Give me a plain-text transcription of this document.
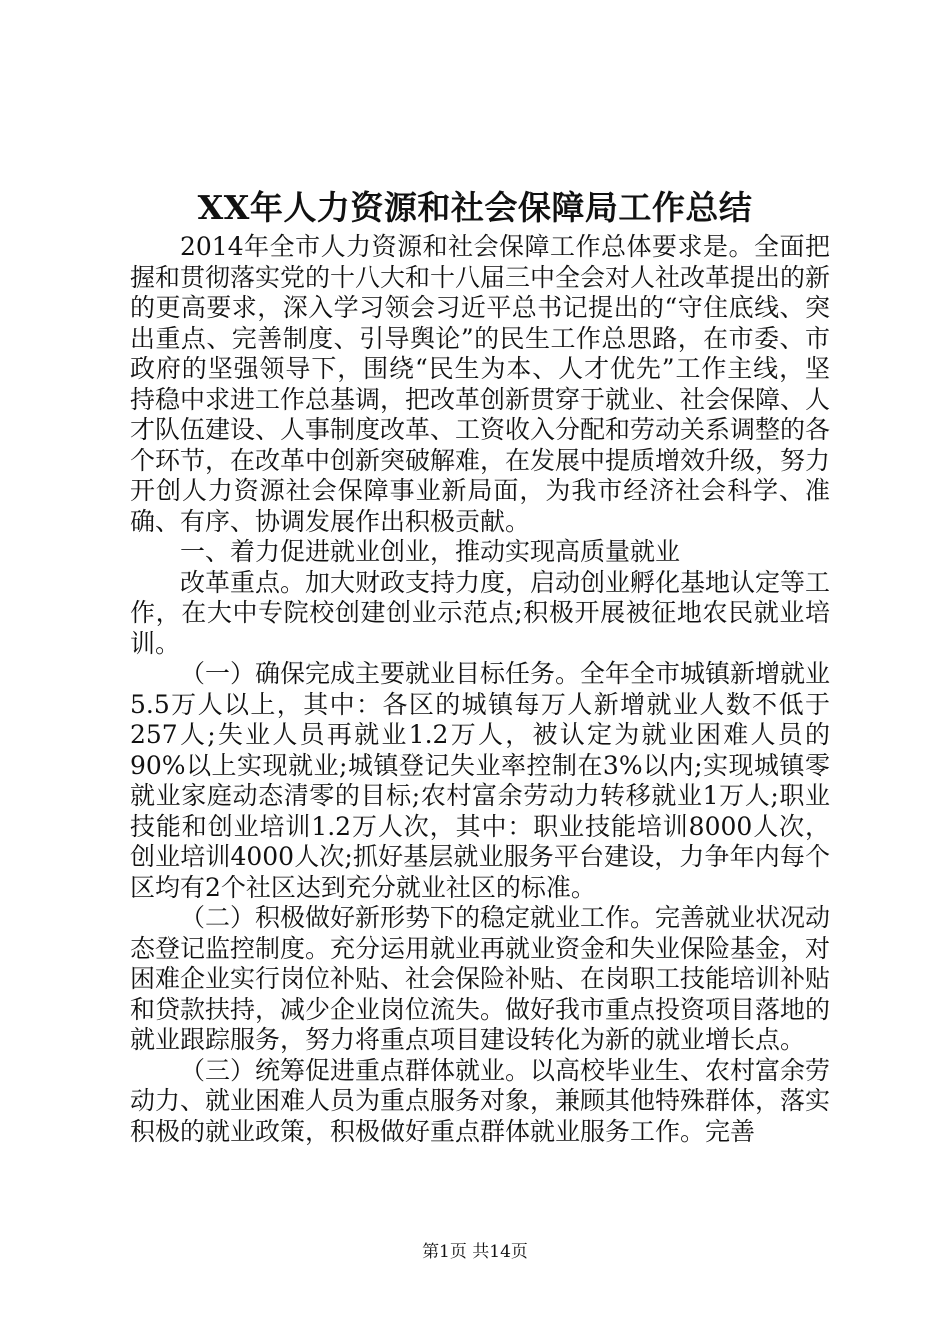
XX年人力资源和社会保障局工作总结

2014年全市人力资源和社会保障工作总体要求是。全面把握和贯彻落实党的十八大和十八届三中全会对人社改革提出的新的更高要求，深入学习领会习近平总书记提出的“守住底线、突出重点、完善制度、引导舆论”的民生工作总思路，在市委、市政府的坚强领导下，围绕“民生为本、人才优先”工作主线，坚持稳中求进工作总基调，把改革创新贯穿于就业、社会保障、人才队伍建设、人事制度改革、工资收入分配和劳动关系调整的各个环节，在改革中创新突破解难，在发展中提质增效升级，努力开创人力资源社会保障事业新局面，为我市经济社会科学、准确、有序、协调发展作出积极贡献。

一、着力促进就业创业，推动实现高质量就业

改革重点。加大财政支持力度，启动创业孵化基地认定等工作，在大中专院校创建创业示范点;积极开展被征地农民就业培训。

（一）确保完成主要就业目标任务。全年全市城镇新增就业5.5万人以上，其中：各区的城镇每万人新增就业人数不低于257人;失业人员再就业1.2万人，被认定为就业困难人员的90%以上实现就业;城镇登记失业率控制在3%以内;实现城镇零就业家庭动态清零的目标;农村富余劳动力转移就业1万人;职业技能和创业培训1.2万人次，其中：职业技能培训8000人次，创业培训4000人次;抓好基层就业服务平台建设，力争年内每个区均有2个社区达到充分就业社区的标准。

（二）积极做好新形势下的稳定就业工作。完善就业状况动态登记监控制度。充分运用就业再就业资金和失业保险基金，对困难企业实行岗位补贴、社会保险补贴、在岗职工技能培训补贴和贷款扶持，减少企业岗位流失。做好我市重点投资项目落地的就业跟踪服务，努力将重点项目建设转化为新的就业增长点。

（三）统筹促进重点群体就业。以高校毕业生、农村富余劳动力、就业困难人员为重点服务对象，兼顾其他特殊群体，落实积极的就业政策，积极做好重点群体就业服务工作。完善

第1页 共14页
